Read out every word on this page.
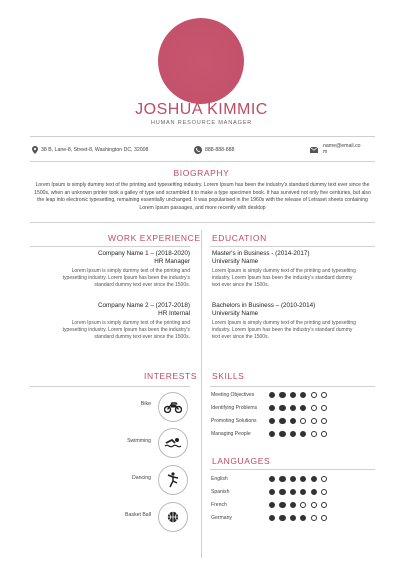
JOSHUA KIMMIC
HUMAN RESOURCE MANAGER
38 B, Lane-8, Street-8, Washington DC, 32008	888-888-888
name@email.co
m
BIOGRAPHY
Lorem Ipsum is simply dummy text of the printing and typesetting industry. Lorem Ipsum has been the industry's standard dummy text ever since the 1500s, when an unknown printer took a galley of type and scrambled it to make a type specimen book. It has survived not only five centuries, but also the leap into electronic typesetting, remaining essentially unchanged. It was popularised in the 1960s with the release of Letraset sheets containing Lorem Ipsum passages, and more recently with desktop
WORK EXPERIENCE
Company Name 1 – (2018-2020)
HR Manager
Lorem Ipsum is simply dummy text of the printing and typesetting industry. Lorem Ipsum has been the industry's standard dummy text ever since the 1500s.
Company Name 2 – (2017-2018)
HR Internal
Lorem Ipsum is simply dummy text of the printing and typesetting industry. Lorem Ipsum has been the industry's standard dummy text ever since the 1500s.
EDUCATION
Master's in Business - (2014-2017)
University Name
Lorem Ipsum is simply dummy text of the printing and typesetting industry. Lorem Ipsum has been the industry's standard dummy text ever since the 1500s.
Bachelors in Business – (2010-2014)
University Name
Lorem Ipsum is simply dummy text of the printing and typesetting industry. Lorem Ipsum has been the industry's standard dummy text ever since the 1500s.
INTERESTS
Bike
Swimming
Dancing
Basket Ball
SKILLS
Meeting Objectives
Identifying Problems
Promoting Solutions
Managing People
LANGUAGES
English
Spanish
French
Germany
